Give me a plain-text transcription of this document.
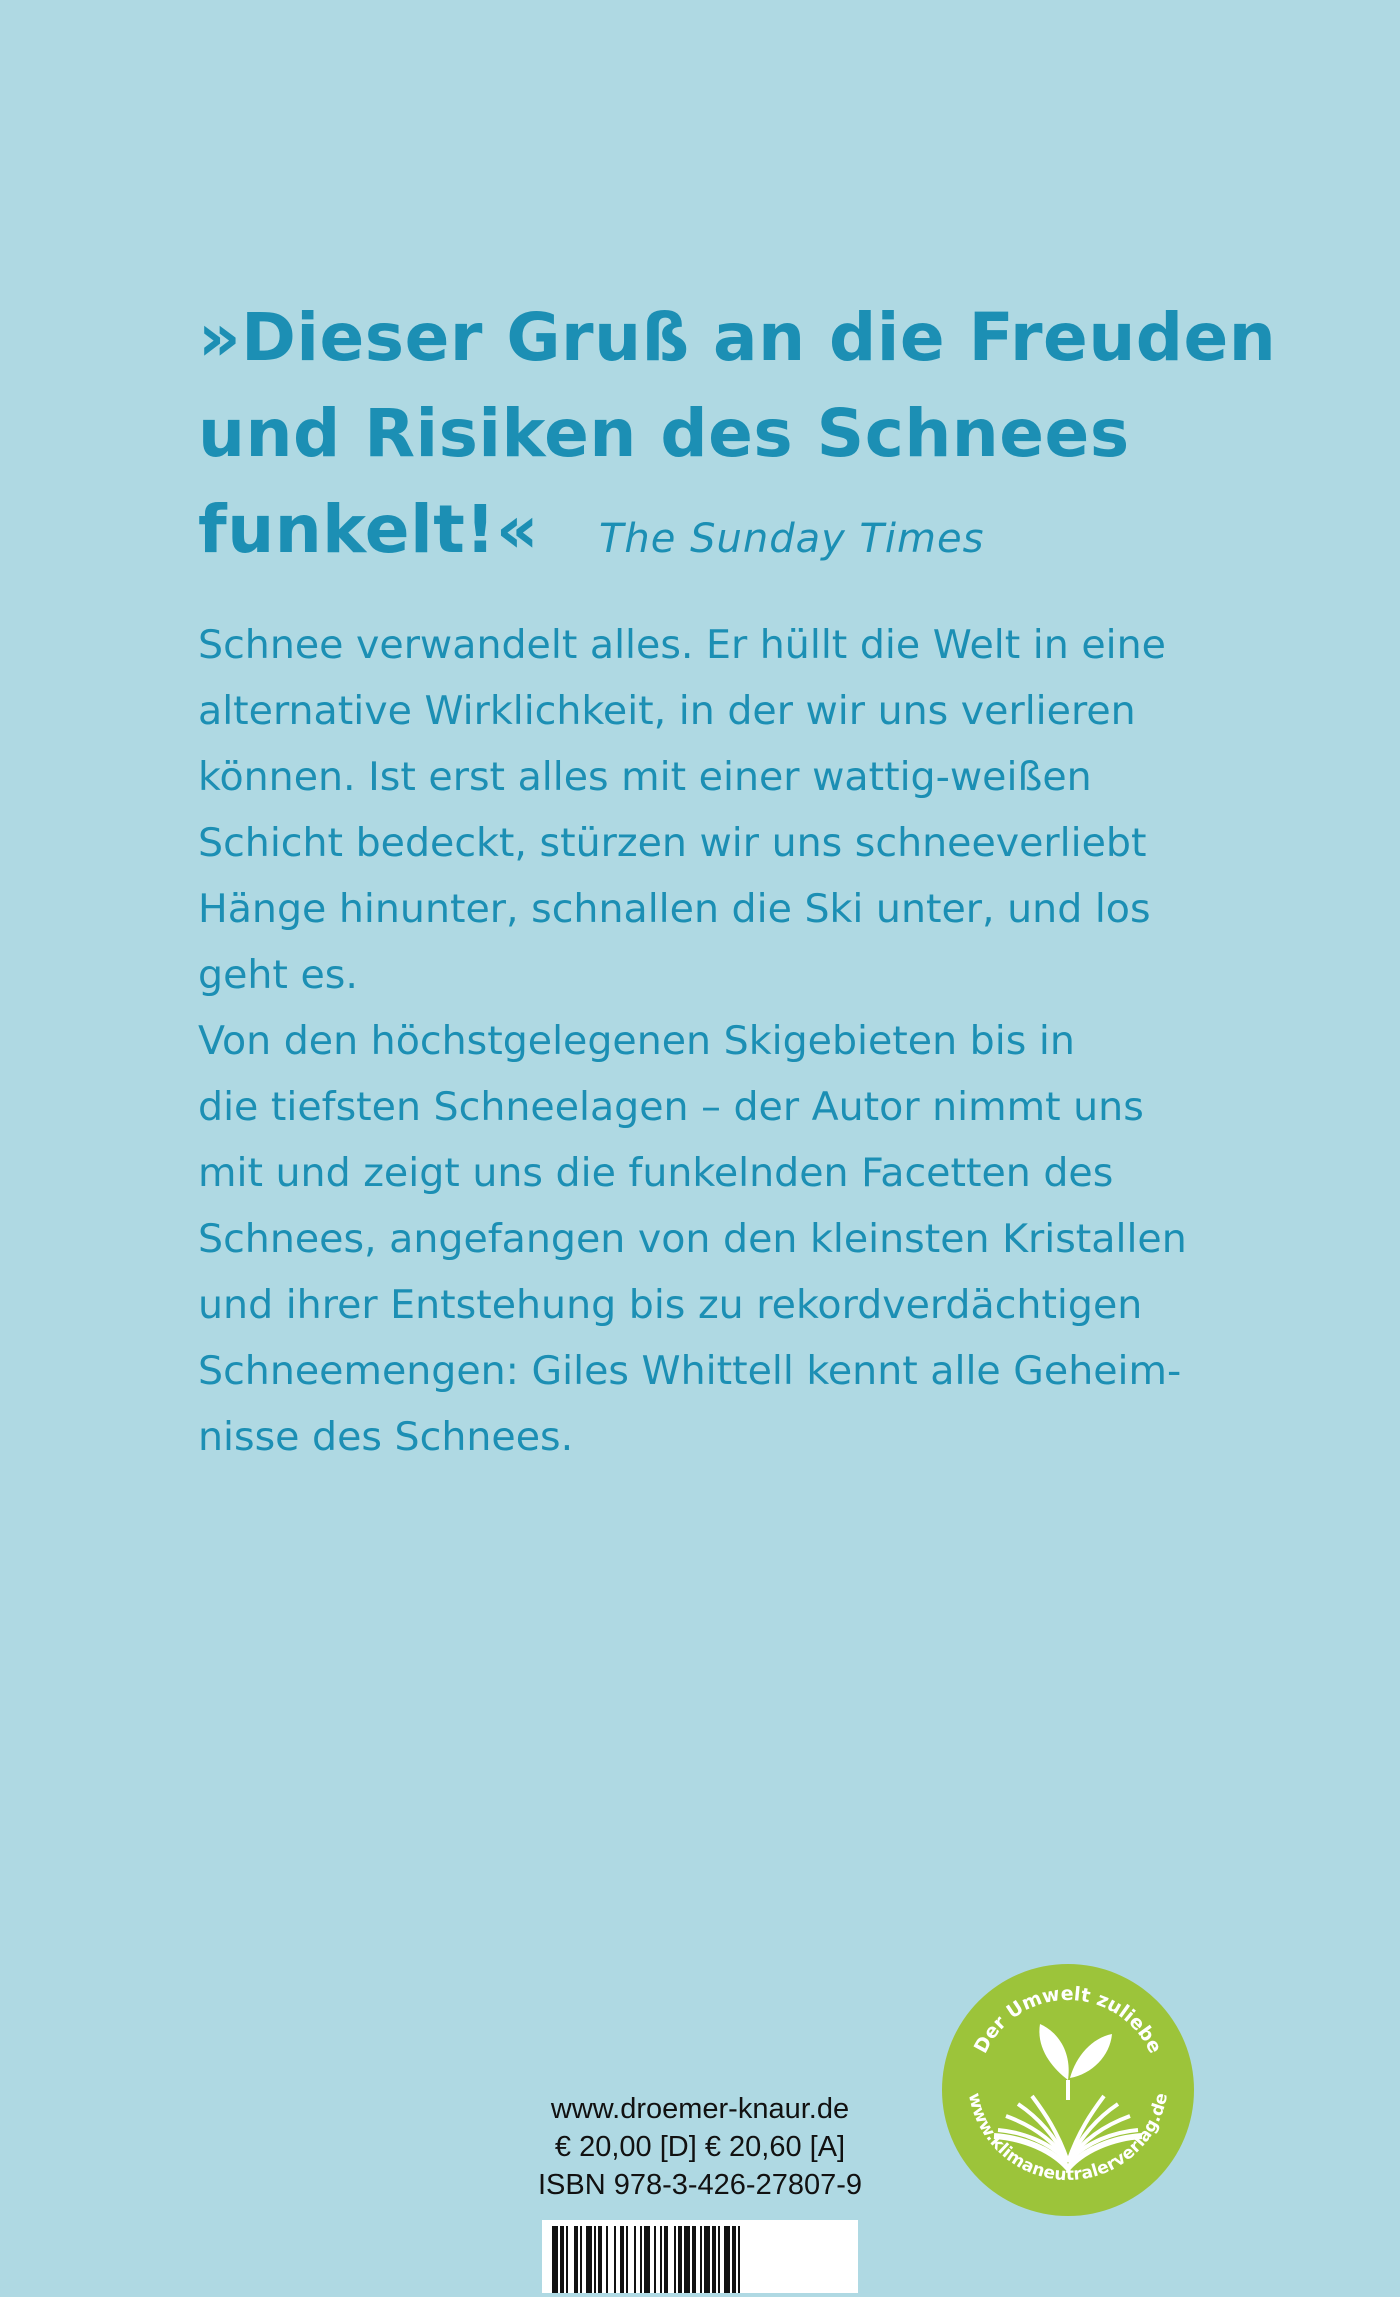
»Dieser Gruß an die Freuden
und Risiken des Schnees
funkelt!« The Sunday Times
Schnee verwandelt alles. Er hüllt die Welt in eine
alternative Wirklichkeit, in der wir uns verlieren
können. Ist erst alles mit einer wattig-weißen
Schicht bedeckt, stürzen wir uns schneeverliebt
Hänge hinunter, schnallen die Ski unter, und los
geht es.
Von den höchstgelegenen Skigebieten bis in
die tiefsten Schneelagen – der Autor nimmt uns
mit und zeigt uns die funkelnden Facetten des
Schnees, angefangen von den kleinsten Kristallen
und ihrer Entstehung bis zu rekordverdächtigen
Schneemengen: Giles Whittell kennt alle Geheim-
nisse des Schnees.
Der Umwelt zuliebe
www.klimaneutralerverlag.de
www.droemer-knaur.de
€ 20,00 [D] € 20,60 [A]
ISBN 978-3-426-27807-9
